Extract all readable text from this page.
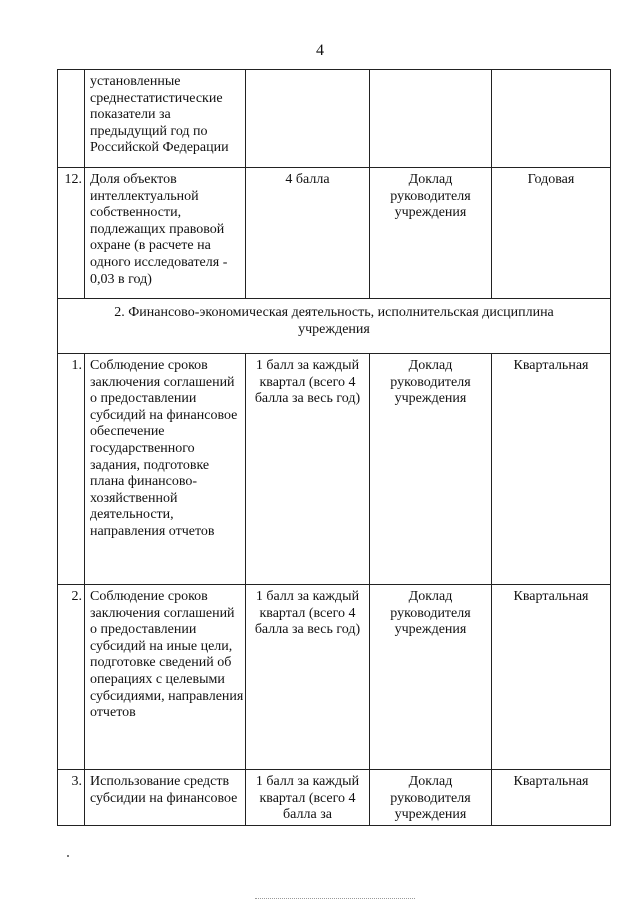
4

	установленные среднестатистические показатели за предыдущий год по Российской Федерации			

12.	Доля объектов интеллектуальной собственности, подлежащих правовой охране (в расчете на одного исследователя - 0,03 в год)	4 балла	Доклад руководителя учреждения	Годовая

2. Финансово-экономическая деятельность, исполнительская дисциплина учреждения				

1.	Соблюдение сроков заключения соглашений о предоставлении субсидий на финансовое обеспечение государственного задания, подготовке плана финансово-хозяйственной деятельности, направления отчетов	1 балл за каждый квартал (всего 4 балла за весь год)	Доклад руководителя учреждения	Квартальная

2.	Соблюдение сроков заключения соглашений о предоставлении субсидий на иные цели, подготовке сведений об операциях с целевыми субсидиями, направления отчетов	1 балл за каждый квартал (всего 4 балла за весь год)	Доклад руководителя учреждения	Квартальная

3.	Использование средств субсидии на финансовое	1 балл за каждый квартал (всего 4 балла за	Доклад руководителя учреждения	Квартальная
